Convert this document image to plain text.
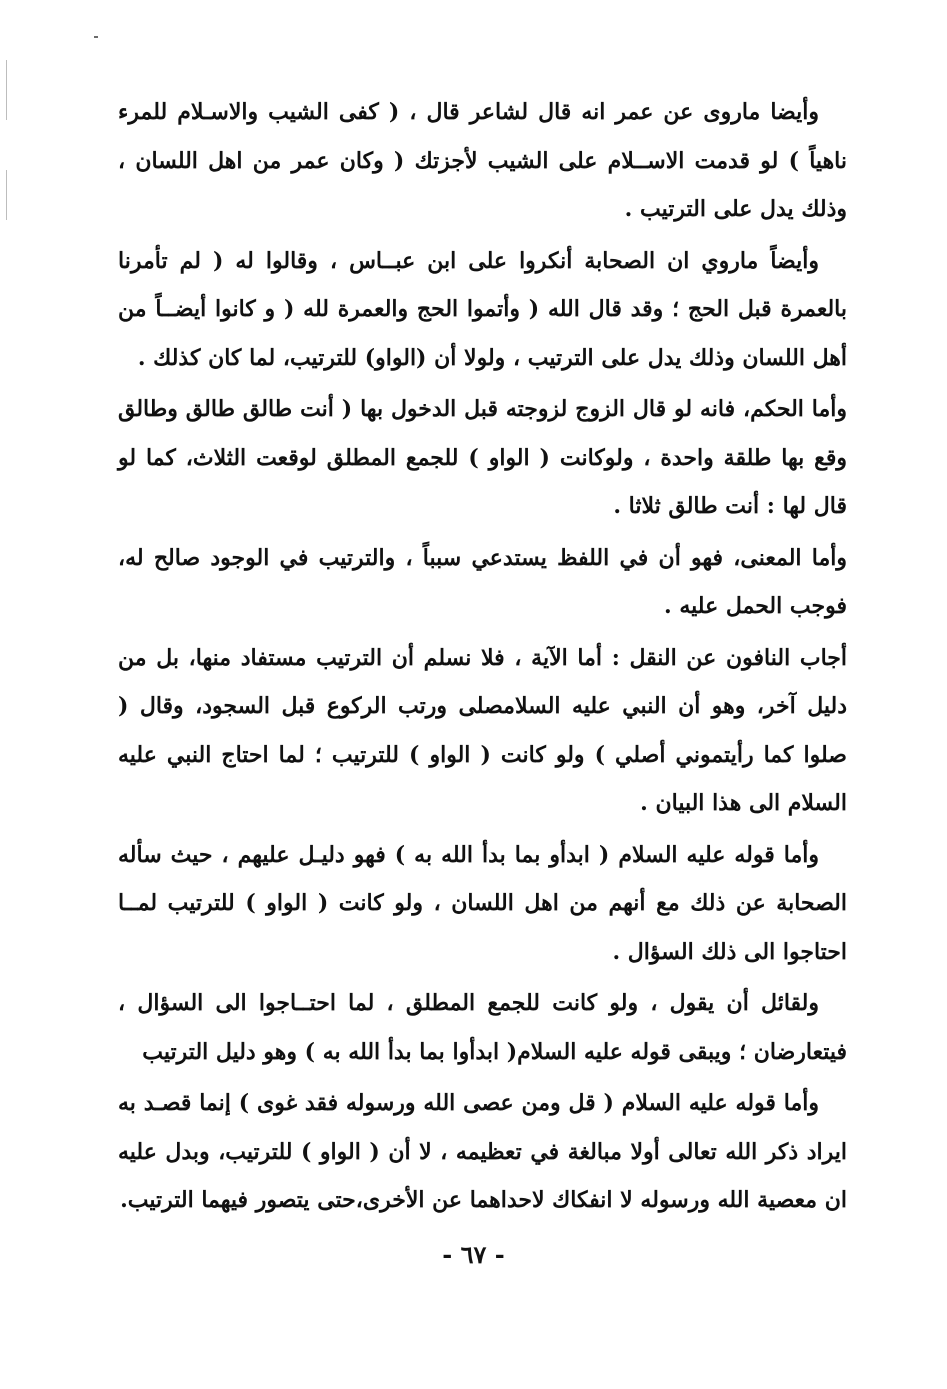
وأيضا ماروى عن عمر انه قال لشاعر قال ، ( كفى الشيب والاسـلام للمرء ناهياً ) لو قدمت الاســلام على الشيب لأجزتك ( وكان عمر من اهل اللسان ، وذلك يدل على الترتيب .

وأيضاً ماروي ان الصحابة أنكروا على ابن عبــاس ، وقالوا له ( لم تأمرنا بالعمرة قبل الحج ؛ وقد قال الله ( وأتموا الحج والعمرة لله ( و كانوا أيضــاً من أهل اللسان وذلك يدل على الترتيب ، ولولا أن (الواو) للترتيب، لما كان كذلك .

وأما الحكم، فانه لو قال الزوج لزوجته قبل الدخول بها ( أنت طالق طالق وطالق وقع بها طلقة واحدة ، ولوكانت ( الواو ) للجمع المطلق لوقعت الثلاث، كما لو قال لها : أنت طالق ثلاثا .

وأما المعنى، فهو أن في اللفظ يستدعي سبباً ، والترتيب في الوجود صالح له، فوجب الحمل عليه .

أجاب النافون عن النقل : أما الآية ، فلا نسلم أن الترتيب مستفاد منها، بل من دليل آخر، وهو أن النبي عليه السلامصلى ورتب الركوع قبل السجود، وقال ( صلوا كما رأيتموني أصلي ) ولو كانت ( الواو ) للترتيب ؛ لما احتاج النبي عليه السلام الى هذا البيان .

وأما قوله عليه السلام ( ابدأو بما بدأ الله به ) فهو دليـل عليهم ، حيث سأله الصحابة عن ذلك مع أنهم من اهل اللسان ، ولو كانت ( الواو ) للترتيب لمــا احتاجوا الى ذلك السؤال .

ولقائل أن يقول ، ولو كانت للجمع المطلق ، لما احتــاجوا الى السؤال ، فيتعارضان ؛ ويبقى قوله عليه السلام( ابدأوا بما بدأ الله به ) وهو دليل الترتيب

وأما قوله عليه السلام ( قل ومن عصى الله ورسوله فقد غوى ) إنما قصـد به ايراد ذكر الله تعالى أولا مبالغة في تعظيمه ، لا أن ( الواو ) للترتيب، وبدل عليه ان معصية الله ورسوله لا انفكاك لاحداهما عن الأخرى،حتى يتصور فيهما الترتيب.

- ٦٧ -
